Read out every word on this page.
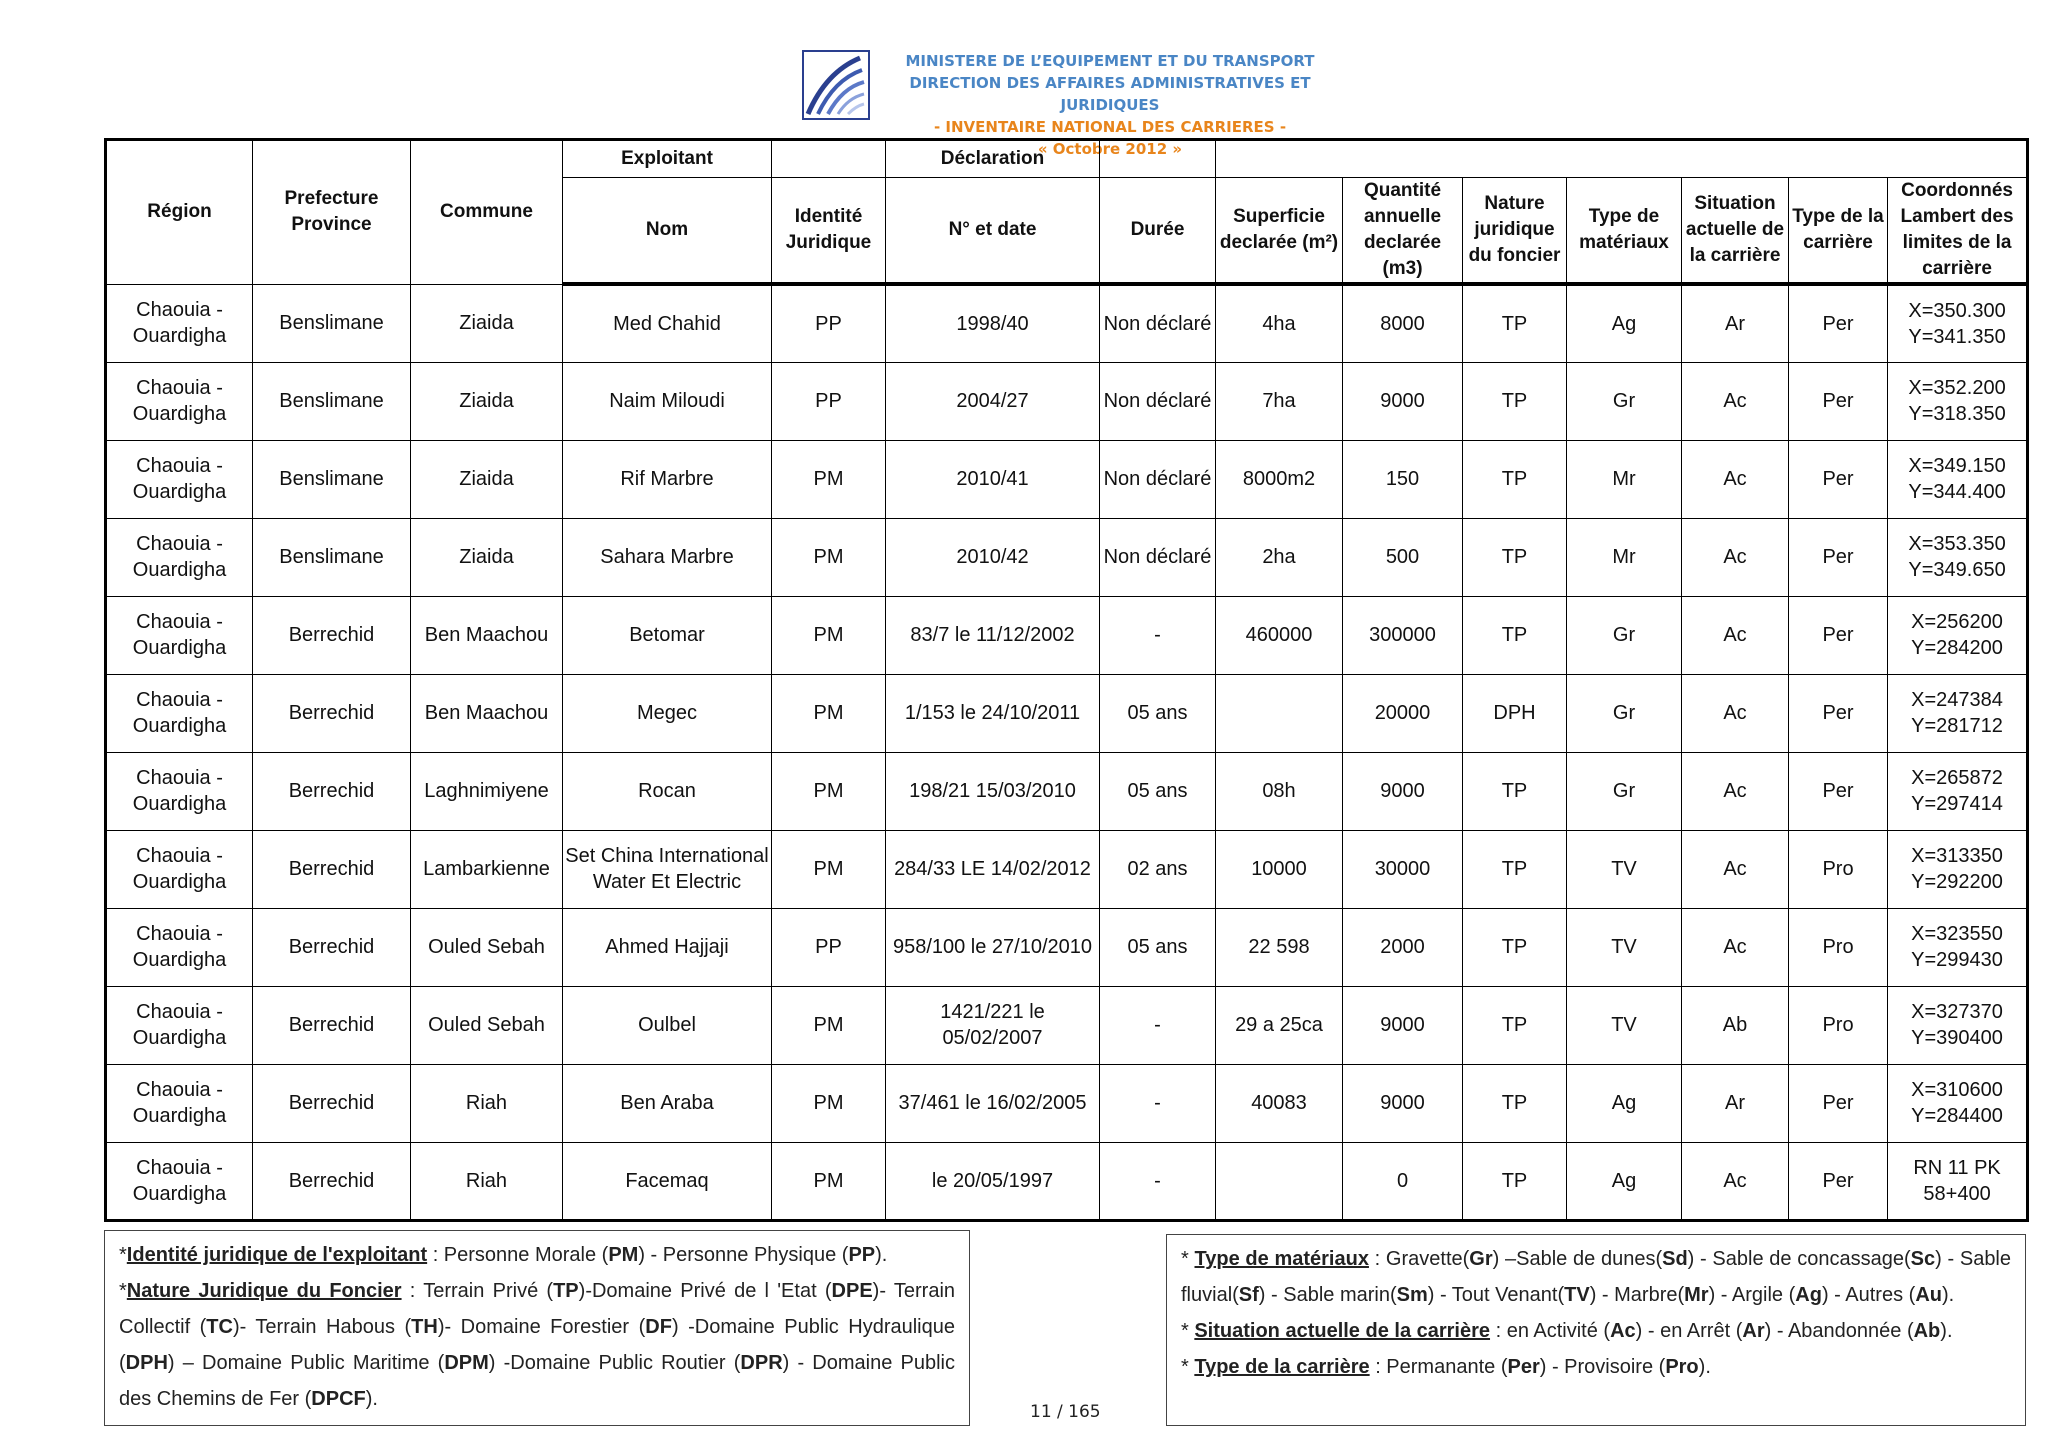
MINISTERE DE L’EQUIPEMENT ET DU TRANSPORT
DIRECTION DES AFFAIRES ADMINISTRATIVES ET JURIDIQUES
- INVENTAIRE NATIONAL DES CARRIERES -
« Octobre 2012 »
Région	Prefecture Province	Commune	Exploitant		Déclaration								
			Nom	Identité Juridique	N° et date	Durée	Superficie declarée (m²)	Quantité annuelle declarée (m3)	Nature juridique du foncier	Type de matériaux	Situation actuelle de la carrière	Type de la carrière	Coordonnés Lambert des limites de la carrière
Chaouia - Ouardigha	Benslimane	Ziaida	Med Chahid	PP	1998/40	Non déclaré	4ha	8000	TP	Ag	Ar	Per	X=350.300 Y=341.350
Chaouia - Ouardigha	Benslimane	Ziaida	Naim Miloudi	PP	2004/27	Non déclaré	7ha	9000	TP	Gr	Ac	Per	X=352.200 Y=318.350
Chaouia - Ouardigha	Benslimane	Ziaida	Rif Marbre	PM	2010/41	Non déclaré	8000m2	150	TP	Mr	Ac	Per	X=349.150 Y=344.400
Chaouia - Ouardigha	Benslimane	Ziaida	Sahara Marbre	PM	2010/42	Non déclaré	2ha	500	TP	Mr	Ac	Per	X=353.350 Y=349.650
Chaouia - Ouardigha	Berrechid	Ben Maachou	Betomar	PM	83/7 le 11/12/2002	-	460000	300000	TP	Gr	Ac	Per	X=256200 Y=284200
Chaouia - Ouardigha	Berrechid	Ben Maachou	Megec	PM	1/153 le 24/10/2011	05 ans		20000	DPH	Gr	Ac	Per	X=247384 Y=281712
Chaouia - Ouardigha	Berrechid	Laghnimiyene	Rocan	PM	198/21 15/03/2010	05 ans	08h	9000	TP	Gr	Ac	Per	X=265872 Y=297414
Chaouia - Ouardigha	Berrechid	Lambarkienne	Set China International Water Et Electric	PM	284/33 LE 14/02/2012	02 ans	10000	30000	TP	TV	Ac	Pro	X=313350 Y=292200
Chaouia - Ouardigha	Berrechid	Ouled Sebah	Ahmed Hajjaji	PP	958/100 le 27/10/2010	05 ans	22 598	2000	TP	TV	Ac	Pro	X=323550 Y=299430
Chaouia - Ouardigha	Berrechid	Ouled Sebah	Oulbel	PM	1421/221 le 05/02/2007	-	29 a 25ca	9000	TP	TV	Ab	Pro	X=327370 Y=390400
Chaouia - Ouardigha	Berrechid	Riah	Ben Araba	PM	37/461 le 16/02/2005	-	40083	9000	TP	Ag	Ar	Per	X=310600 Y=284400
Chaouia - Ouardigha	Berrechid	Riah	Facemaq	PM	le 20/05/1997	-		0	TP	Ag	Ac	Per	RN 11 PK 58+400
*Identité juridique de l'exploitant : Personne Morale (PM) - Personne Physique (PP).
*Nature Juridique du Foncier : Terrain Privé (TP)-Domaine Privé de l 'Etat (DPE)- Terrain Collectif (TC)- Terrain Habous (TH)- Domaine Forestier (DF) -Domaine Public Hydraulique (DPH) – Domaine Public Maritime (DPM) -Domaine Public Routier (DPR) - Domaine Public des Chemins de Fer (DPCF).
* Type de matériaux : Gravette(Gr) –Sable de dunes(Sd) - Sable de concassage(Sc) - Sable fluvial(Sf) - Sable marin(Sm) - Tout Venant(TV) - Marbre(Mr) - Argile (Ag) - Autres (Au).
* Situation actuelle de la carrière : en Activité (Ac) - en Arrêt (Ar) - Abandonnée (Ab).
* Type de la carrière : Permanante (Per) - Provisoire (Pro).
11 / 165
